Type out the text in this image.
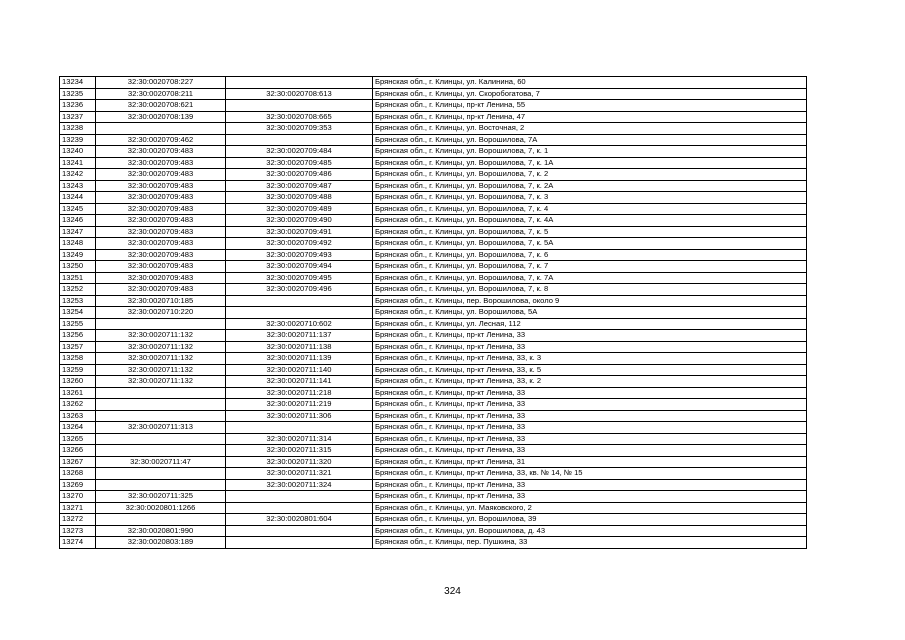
13234	32:30:0020708:227		Брянская обл., г. Клинцы, ул. Калинина, 60
13235	32:30:0020708:211	32:30:0020708:613	Брянская обл., г. Клинцы, ул. Скоробогатова, 7
13236	32:30:0020708:621		Брянская обл., г. Клинцы, пр-кт Ленина, 55
13237	32:30:0020708:139	32:30:0020708:665	Брянская обл., г. Клинцы, пр-кт Ленина, 47
13238		32:30:0020709:353	Брянская обл., г. Клинцы, ул. Восточная, 2
13239	32:30:0020709:462		Брянская обл., г. Клинцы, ул. Ворошилова, 7А
13240	32:30:0020709:483	32:30:0020709:484	Брянская обл., г. Клинцы, ул. Ворошилова, 7, к. 1
13241	32:30:0020709:483	32:30:0020709:485	Брянская обл., г. Клинцы, ул. Ворошилова, 7, к. 1А
13242	32:30:0020709:483	32:30:0020709:486	Брянская обл., г. Клинцы, ул. Ворошилова, 7, к. 2
13243	32:30:0020709:483	32:30:0020709:487	Брянская обл., г. Клинцы, ул. Ворошилова, 7, к. 2А
13244	32:30:0020709:483	32:30:0020709:488	Брянская обл., г. Клинцы, ул. Ворошилова, 7, к. 3
13245	32:30:0020709:483	32:30:0020709:489	Брянская обл., г. Клинцы, ул. Ворошилова, 7, к. 4
13246	32:30:0020709:483	32:30:0020709:490	Брянская обл., г. Клинцы, ул. Ворошилова, 7, к. 4А
13247	32:30:0020709:483	32:30:0020709:491	Брянская обл., г. Клинцы, ул. Ворошилова, 7, к. 5
13248	32:30:0020709:483	32:30:0020709:492	Брянская обл., г. Клинцы, ул. Ворошилова, 7, к. 5А
13249	32:30:0020709:483	32:30:0020709:493	Брянская обл., г. Клинцы, ул. Ворошилова, 7, к. 6
13250	32:30:0020709:483	32:30:0020709:494	Брянская обл., г. Клинцы, ул. Ворошилова, 7, к. 7
13251	32:30:0020709:483	32:30:0020709:495	Брянская обл., г. Клинцы, ул. Ворошилова, 7, к. 7А
13252	32:30:0020709:483	32:30:0020709:496	Брянская обл., г. Клинцы, ул. Ворошилова, 7, к. 8
13253	32:30:0020710:185		Брянская обл., г. Клинцы, пер. Ворошилова, около 9
13254	32:30:0020710:220		Брянская обл., г. Клинцы, ул. Ворошилова, 5А
13255		32:30:0020710:602	Брянская обл., г. Клинцы, ул. Лесная, 112
13256	32:30:0020711:132	32:30:0020711:137	Брянская обл., г. Клинцы, пр-кт Ленина, 33
13257	32:30:0020711:132	32:30:0020711:138	Брянская обл., г. Клинцы, пр-кт Ленина, 33
13258	32:30:0020711:132	32:30:0020711:139	Брянская обл., г. Клинцы, пр-кт Ленина, 33, к. 3
13259	32:30:0020711:132	32:30:0020711:140	Брянская обл., г. Клинцы, пр-кт Ленина, 33, к. 5
13260	32:30:0020711:132	32:30:0020711:141	Брянская обл., г. Клинцы, пр-кт Ленина, 33, к. 2
13261		32:30:0020711:218	Брянская обл., г. Клинцы, пр-кт Ленина, 33
13262		32:30:0020711:219	Брянская обл., г. Клинцы, пр-кт Ленина, 33
13263		32:30:0020711:306	Брянская обл., г. Клинцы, пр-кт Ленина, 33
13264	32:30:0020711:313		Брянская обл., г. Клинцы, пр-кт Ленина, 33
13265		32:30:0020711:314	Брянская обл., г. Клинцы, пр-кт Ленина, 33
13266		32:30:0020711:315	Брянская обл., г. Клинцы, пр-кт Ленина, 33
13267	32:30:0020711:47	32:30:0020711:320	Брянская обл., г. Клинцы, пр-кт Ленина, 31
13268		32:30:0020711:321	Брянская обл., г. Клинцы, пр-кт Ленина, 33, кв. № 14, № 15
13269		32:30:0020711:324	Брянская обл., г. Клинцы, пр-кт Ленина, 33
13270	32:30:0020711:325		Брянская обл., г. Клинцы, пр-кт Ленина, 33
13271	32:30:0020801:1266		Брянская обл., г. Клинцы, ул. Маяковского, 2
13272		32:30:0020801:604	Брянская обл., г. Клинцы, ул. Ворошилова, 39
13273	32:30:0020801:990		Брянская обл., г. Клинцы, ул. Ворошилова, д. 43
13274	32:30:0020803:189		Брянская обл., г. Клинцы, пер. Пушкина, 33
324
